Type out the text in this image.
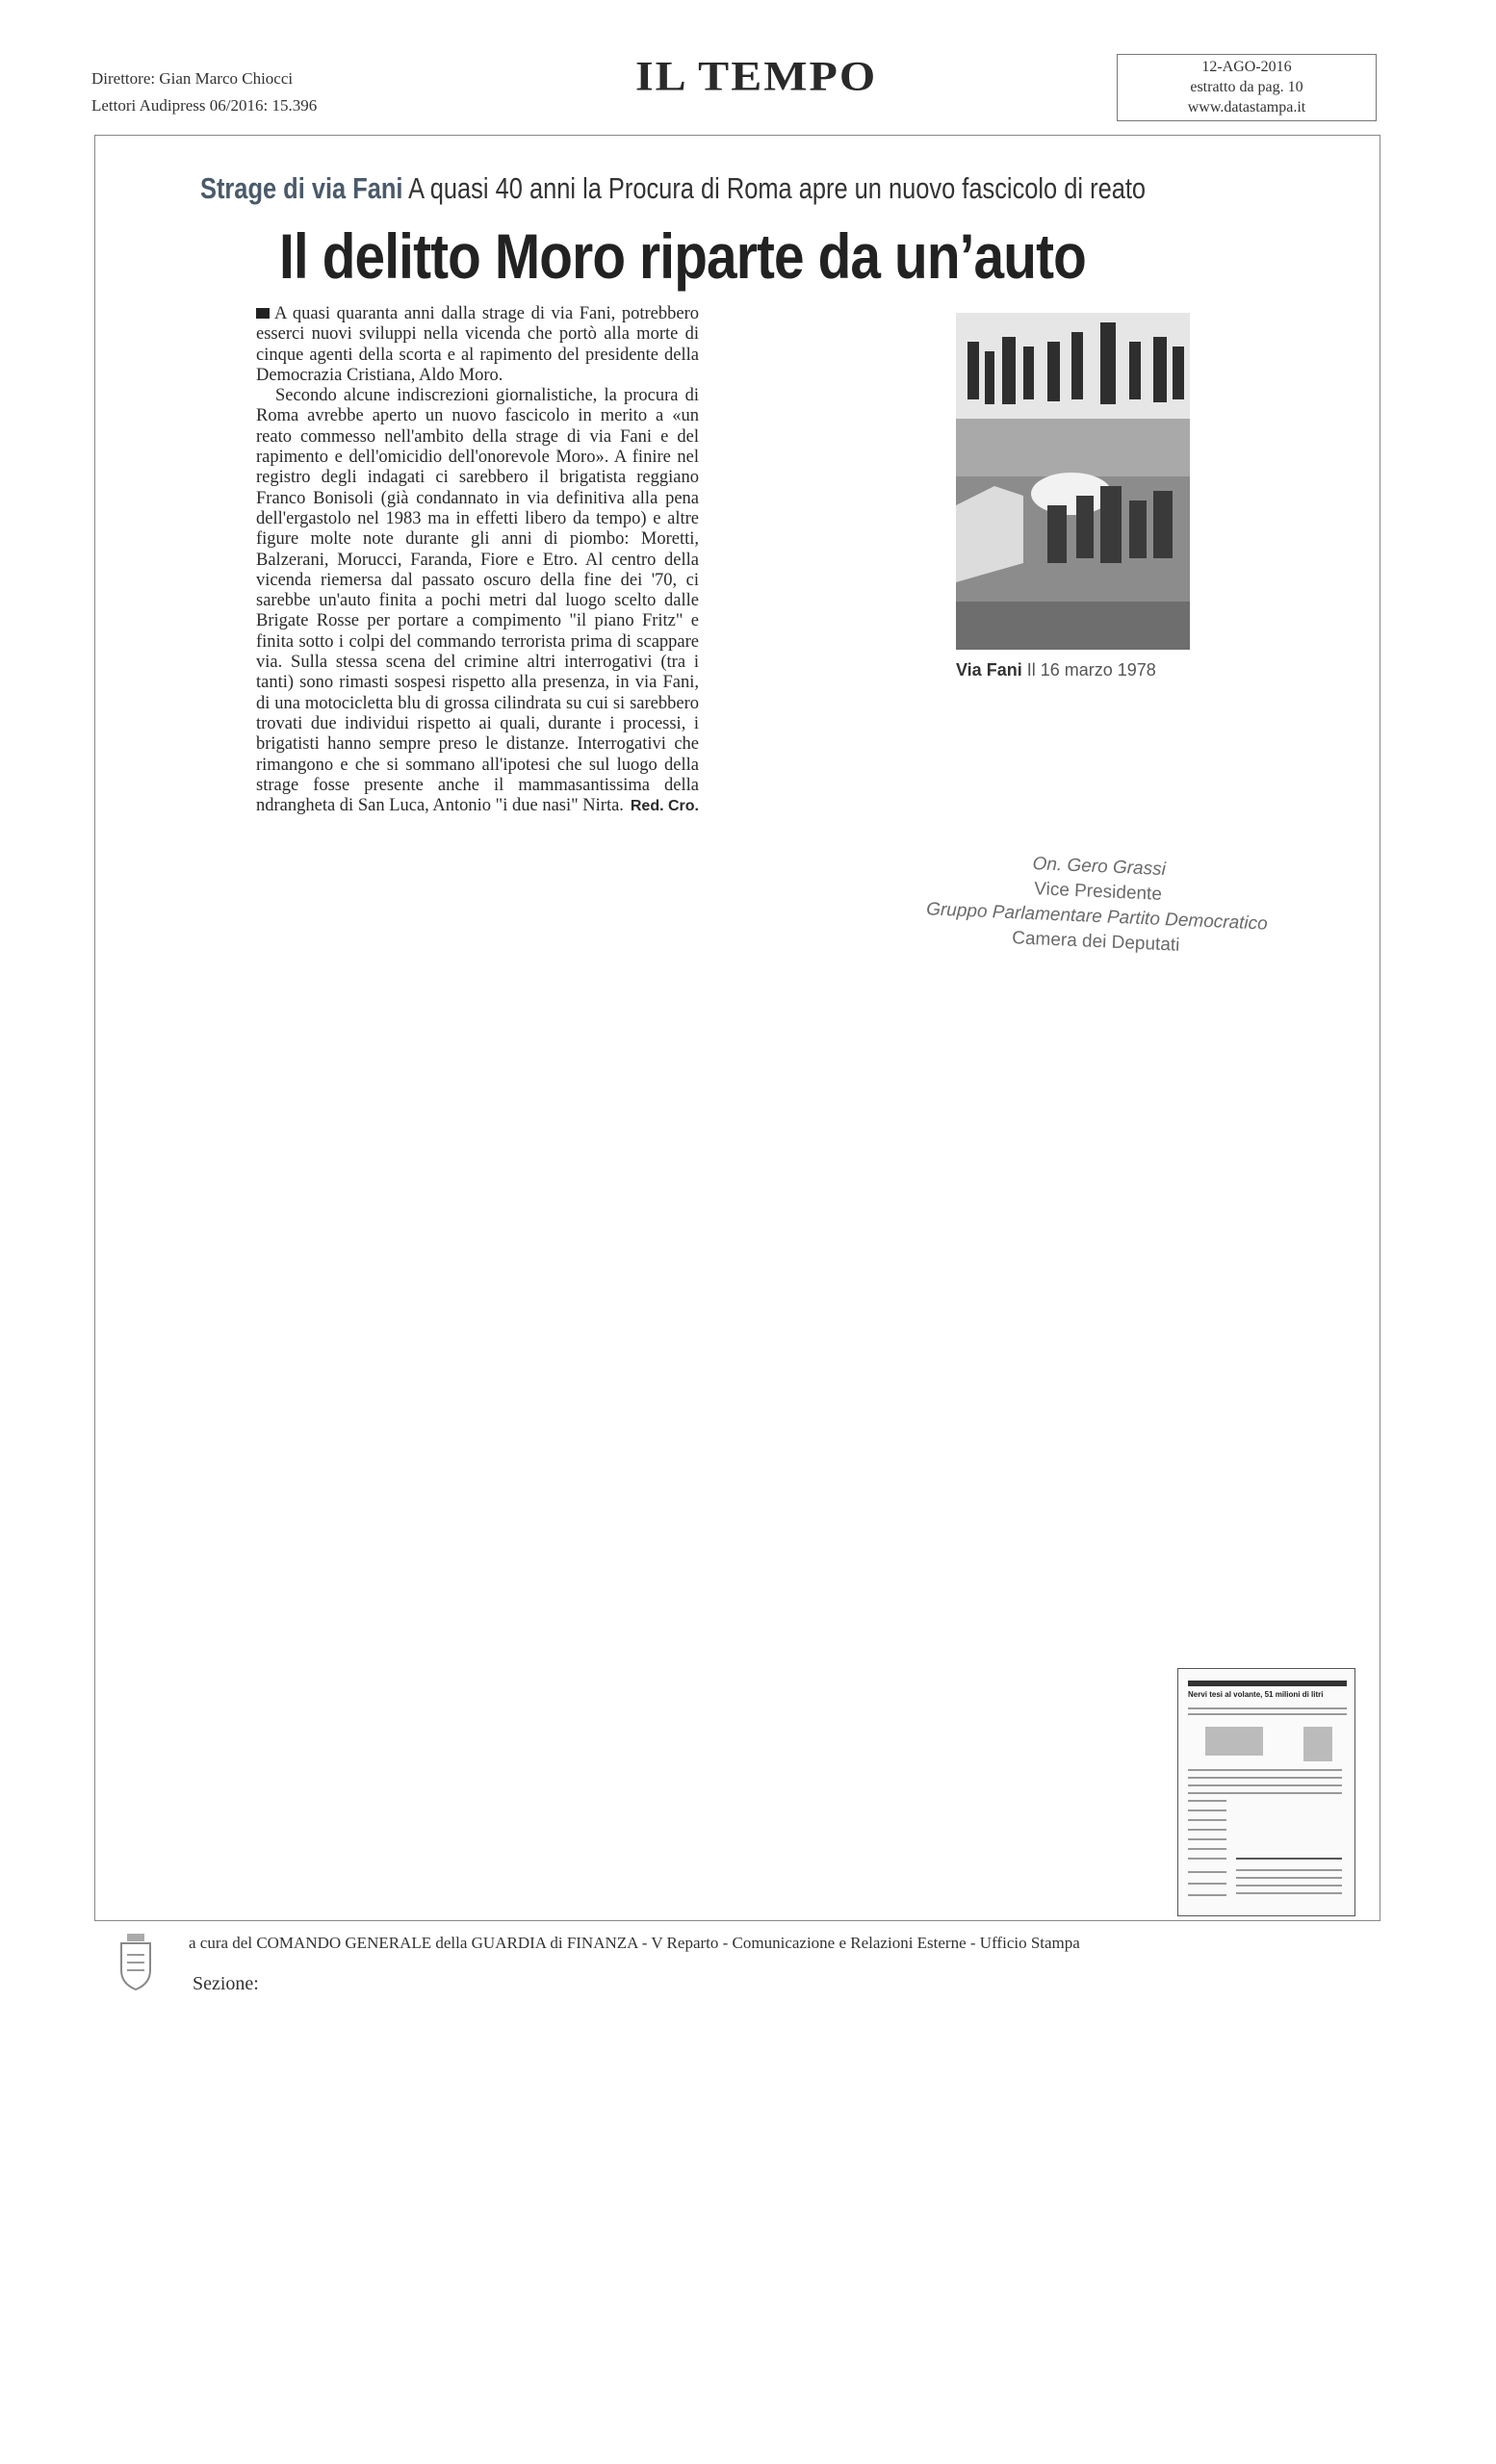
Direttore: Gian Marco Chiocci
Lettori Audipress 06/2016: 15.396
IL TEMPO	12-AGO-2016
estratto da pag. 10
www.datastampa.it
Strage di via Fani A quasi 40 anni la Procura di Roma apre un nuovo fascicolo di reato
Il delitto Moro riparte da un’auto

A quasi quaranta anni dalla strage di via Fani, potrebbero esserci nuovi sviluppi nella vicenda che portò alla morte di cinque agenti della scorta e al rapimento del presidente della Democrazia Cristiana, Aldo Moro.

Secondo alcune indiscrezioni giornalistiche, la procura di Roma avrebbe aperto un nuovo fascicolo in merito a «un reato commesso nell'ambito della strage di via Fani e del rapimento e dell'omicidio dell'onorevole Moro». A finire nel registro degli indagati ci sarebbero il brigatista reggiano Franco Bonisoli (già condannato in via definitiva alla pena dell'ergastolo nel 1983 ma in effetti libero da tempo) e altre figure molte note durante gli anni di piombo: Moretti, Balzerani, Morucci, Faranda, Fiore e Etro. Al centro della vicenda riemersa dal passato oscuro della fine dei '70, ci sarebbe un'auto finita a pochi metri dal luogo scelto dalle Brigate Rosse per portare a compimento "il piano Fritz" e finita sotto i colpi del commando terrorista prima di scappare via. Sulla stessa scena del crimine altri interrogativi (tra i tanti) sono rimasti sospesi rispetto alla presenza, in via Fani, di una motocicletta blu di grossa cilindrata su cui si sarebbero trovati due individui rispetto ai quali, durante i processi, i brigatisti hanno sempre preso le distanze. Interrogativi che rimangono e che si sommano all'ipotesi che sul luogo della strage fosse presente anche il mammasantissima della ndrangheta di San Luca, Antonio "i due nasi" Nirta. Red. Cro.
Via Fani Il 16 marzo 1978
On. Gero Grassi
Vice Presidente
Gruppo Parlamentare Partito Democratico
Camera dei Deputati
Nervi tesi al volante, 51 milioni di litri
a cura del COMANDO GENERALE della GUARDIA di FINANZA - V Reparto - Comunicazione e Relazioni Esterne - Ufficio Stampa
Sezione:
